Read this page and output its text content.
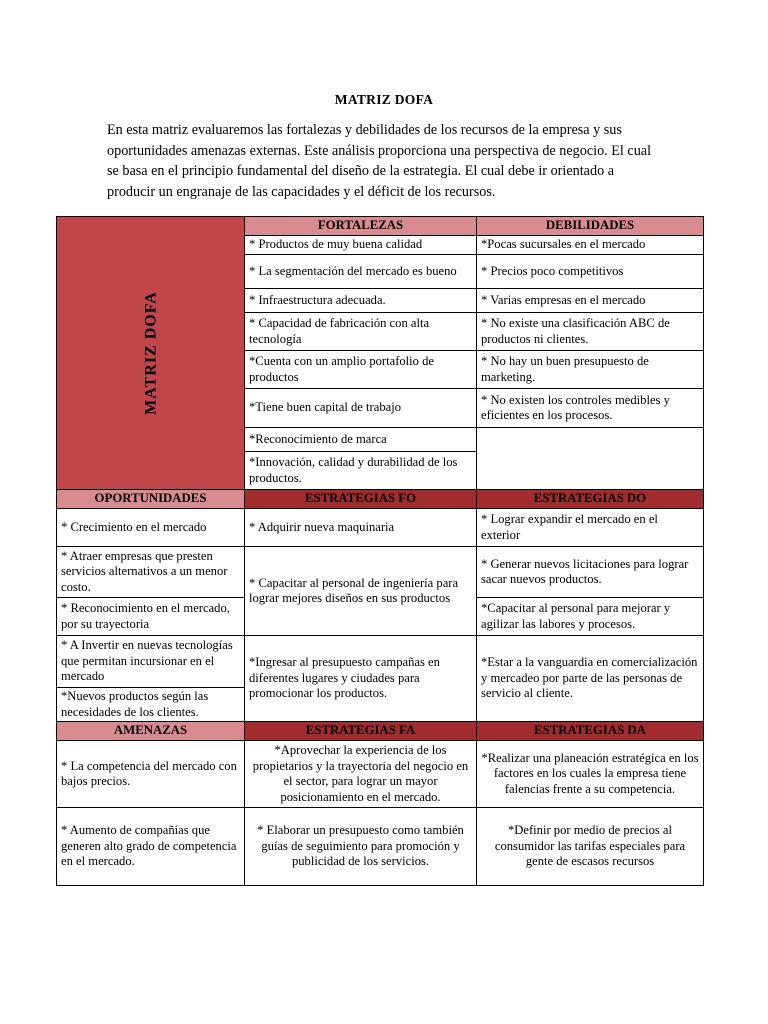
MATRIZ DOFA

En esta matriz evaluaremos las fortalezas y debilidades de los recursos de la empresa y sus oportunidades amenazas externas. Este análisis proporciona una perspectiva de negocio. El cual se basa en el principio fundamental del diseño de la estrategia. El cual debe ir orientado a producir un engranaje de las capacidades y el déficit de los recursos.

MATRIZ DOFA	FORTALEZAS	DEBILIDADES
	* Productos de muy buena calidad	*Pocas sucursales en el mercado
	* La segmentación del mercado es bueno	* Precios poco competitivos
	* Infraestructura adecuada.	* Varias empresas en el mercado
	* Capacidad de fabricación con alta tecnología	* No existe una clasificación ABC de productos ni clientes.
	*Cuenta con un amplio portafolio de productos	* No hay un buen presupuesto de marketing.
	*Tiene buen capital de trabajo	* No existen los controles medibles y eficientes en los procesos.
	*Reconocimiento de marca	
	*Innovación, calidad y durabilidad de los productos.	
OPORTUNIDADES	ESTRATEGIAS FO	ESTRATEGIAS DO
* Crecimiento en el mercado	* Adquirir nueva maquinaria	* Lograr expandir el mercado en el exterior
* Atraer empresas que presten servicios alternativos a un menor costo.	* Capacitar al personal de ingeniería para lograr mejores diseños en sus productos	* Generar nuevos licitaciones para lograr sacar nuevos productos.
* Reconocimiento en el mercado, por su trayectoria		*Capacitar al personal para mejorar y agilizar las labores y procesos.
* A Invertir en nuevas tecnologías que permitan incursionar en el mercado	*Ingresar al presupuesto campañas en diferentes lugares y ciudades para promocionar los productos.	*Estar a la vanguardia en comercialización y mercadeo por parte de las personas de servicio al cliente.
*Nuevos productos según las necesidades de los clientes.		
AMENAZAS	ESTRATEGIAS FA	ESTRATEGIAS DA
* La competencia del mercado con bajos precios.	*Aprovechar la experiencia de los propietarios y la trayectoria del negocio en el sector, para lograr un mayor posicionamiento en el mercado.	*Realizar una planeación estratégica en los factores en los cuales la empresa tiene falencias frente a su competencia.
* Aumento de compañías que generen alto grado de competencia en el mercado.	* Elaborar un presupuesto como también guías de seguimiento para promoción y publicidad de los servicios.	*Definir por medio de precios al consumidor las tarifas especiales para gente de escasos recursos
